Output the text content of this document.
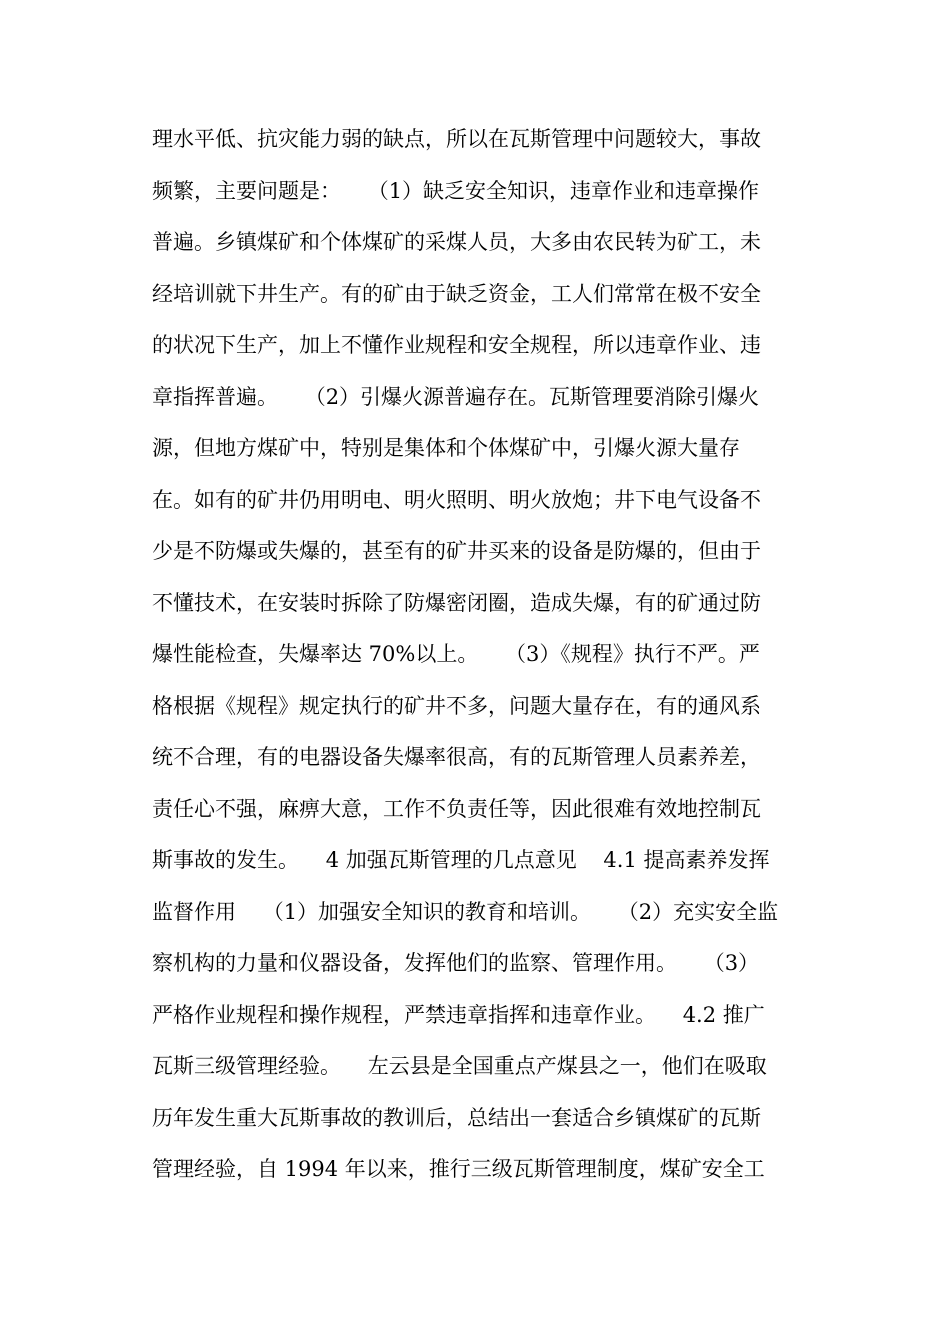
理水平低、抗灾能力弱的缺点，所以在瓦斯管理中问题较大，事故
频繁，主要问题是：    （1）缺乏安全知识，违章作业和违章操作
普遍。乡镇煤矿和个体煤矿的采煤人员，大多由农民转为矿工，未
经培训就下井生产。有的矿由于缺乏资金，工人们常常在极不安全
的状况下生产，加上不懂作业规程和安全规程，所以违章作业、违
章指挥普遍。    （2）引爆火源普遍存在。瓦斯管理要消除引爆火
源，但地方煤矿中，特别是集体和个体煤矿中，引爆火源大量存
在。如有的矿井仍用明电、明火照明、明火放炮；井下电气设备不
少是不防爆或失爆的，甚至有的矿井买来的设备是防爆的，但由于
不懂技术，在安装时拆除了防爆密闭圈，造成失爆，有的矿通过防
爆性能检查，失爆率达 70%以上。    （3）《规程》执行不严。严
格根据《规程》规定执行的矿井不多，问题大量存在，有的通风系
统不合理，有的电器设备失爆率很高，有的瓦斯管理人员素养差，
责任心不强，麻痹大意，工作不负责任等，因此很难有效地控制瓦
斯事故的发生。    4 加强瓦斯管理的几点意见    4.1 提高素养发挥
监督作用    （1）加强安全知识的教育和培训。    （2）充实安全监
察机构的力量和仪器设备，发挥他们的监察、管理作用。    （3）
严格作业规程和操作规程，严禁违章指挥和违章作业。    4.2 推广
瓦斯三级管理经验。    左云县是全国重点产煤县之一，他们在吸取
历年发生重大瓦斯事故的教训后，总结出一套适合乡镇煤矿的瓦斯
管理经验，自 1994 年以来，推行三级瓦斯管理制度，煤矿安全工
